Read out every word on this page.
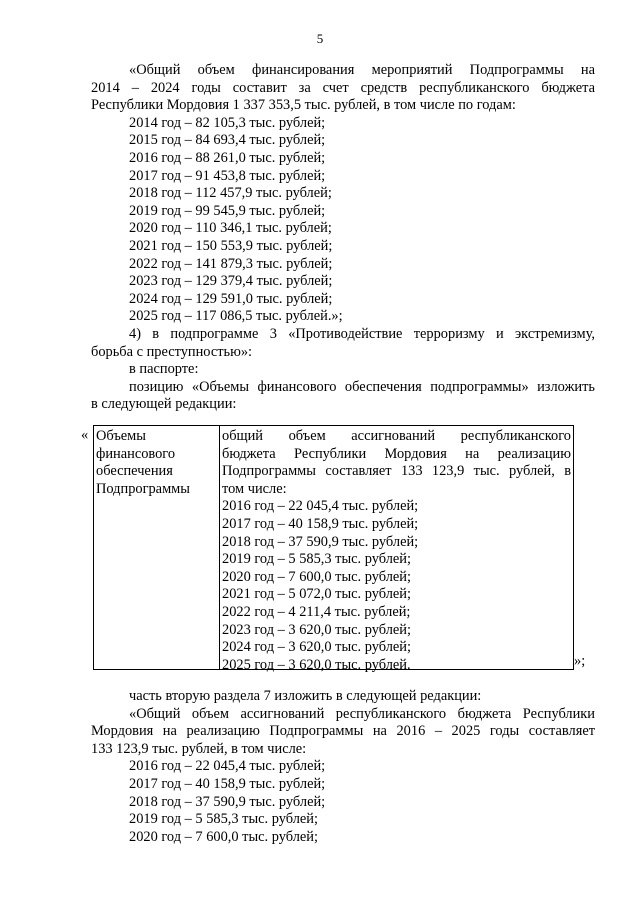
5

«Общий объем финансирования мероприятий Подпрограммы на

2014 – 2024 годы составит за счет средств республиканского бюджета

Республики Мордовия 1 337 353,5 тыс. рублей, в том числе по годам:

2014 год – 82 105,3 тыс. рублей;

2015 год – 84 693,4 тыс. рублей;

2016 год – 88 261,0 тыс. рублей;

2017 год – 91 453,8 тыс. рублей;

2018 год – 112 457,9 тыс. рублей;

2019 год – 99 545,9 тыс. рублей;

2020 год – 110 346,1 тыс. рублей;

2021 год – 150 553,9 тыс. рублей;

2022 год – 141 879,3 тыс. рублей;

2023 год – 129 379,4 тыс. рублей;

2024 год – 129 591,0 тыс. рублей;

2025 год – 117 086,5 тыс. рублей.»;

4) в подпрограмме 3 «Противодействие терроризму и экстремизму,

борьба с преступностью»:

в паспорте:

позицию «Объемы финансового обеспечения подпрограммы» изложить

в следующей редакции:

« Объемы

финансового

обеспечения

Подпрограммы

общий объем ассигнований республиканского

бюджета Республики Мордовия на реализацию

Подпрограммы составляет 133 123,9 тыс. рублей, в

том числе:

2016 год – 22 045,4 тыс. рублей;

2017 год – 40 158,9 тыс. рублей;

2018 год – 37 590,9 тыс. рублей;

2019 год – 5 585,3 тыс. рублей;

2020 год – 7 600,0 тыс. рублей;

2021 год – 5 072,0 тыс. рублей;

2022 год – 4 211,4 тыс. рублей;

2023 год – 3 620,0 тыс. рублей;

2024 год – 3 620,0 тыс. рублей;

2025 год – 3 620,0 тыс. рублей.	»;

часть вторую раздела 7 изложить в следующей редакции:

«Общий объем ассигнований республиканского бюджета Республики

Мордовия на реализацию Подпрограммы на 2016 – 2025 годы составляет

133 123,9 тыс. рублей, в том числе:

2016 год – 22 045,4 тыс. рублей;

2017 год – 40 158,9 тыс. рублей;

2018 год – 37 590,9 тыс. рублей;

2019 год – 5 585,3 тыс. рублей;

2020 год – 7 600,0 тыс. рублей;
